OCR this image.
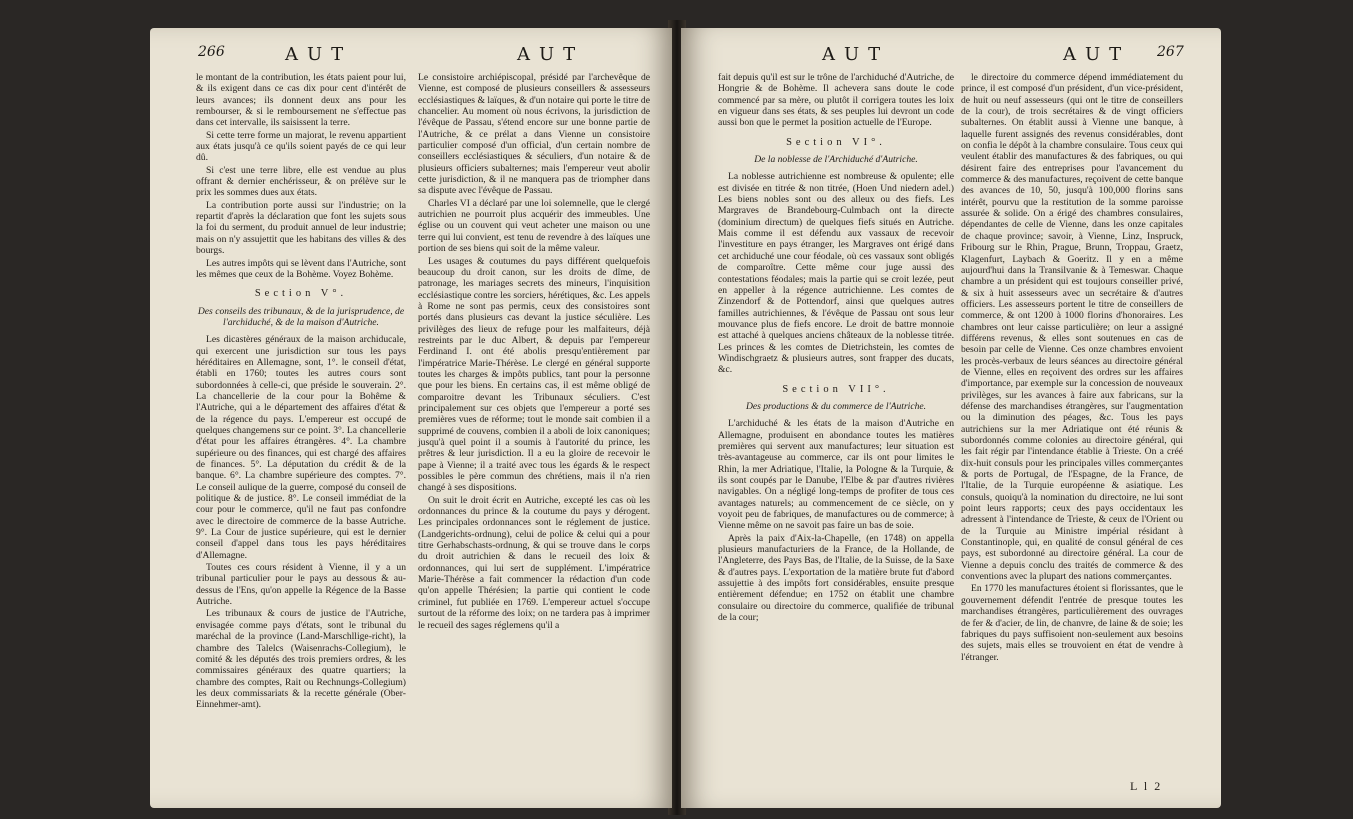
266	AUT	AUT	AUT	AUT 267

le montant de la contribution, les états paient pour lui, & ils exigent dans ce cas dix pour cent d'intérêt de leurs avances; ils donnent deux ans pour les rembourser, & si le remboursement ne s'effectue pas dans cet intervalle, ils saisissent la terre.

Si cette terre forme un majorat, le revenu appartient aux états jusqu'à ce qu'ils soient payés de ce qui leur dû.

Si c'est une terre libre, elle est vendue au plus offrant & dernier enchérisseur, & on prélève sur le prix les sommes dues aux états.

La contribution porte aussi sur l'industrie; on la repartit d'après la déclaration que font les sujets sous la foi du serment, du produit annuel de leur industrie; mais on n'y assujettit que les habitans des villes & des bourgs.

Les autres impôts qui se lèvent dans l'Autriche, sont les mêmes que ceux de la Bohème. Voyez Bohème.

Section V°.
Des conseils des tribunaux, & de la jurisprudence, de l'archiduché, & de la maison d'Autriche.

Les dicastères généraux de la maison archiducale, qui exercent une jurisdiction sur tous les pays héréditaires en Allemagne, sont, 1°. le conseil d'état, établi en 1760; toutes les autres cours sont subordonnées à celle-ci, que préside le souverain. 2°. La chancellerie de la cour pour la Bohême & l'Autriche, qui a le département des affaires d'état & de la régence du pays. L'empereur est occupé de quelques changemens sur ce point. 3°. La chancellerie d'état pour les affaires étrangères. 4°. La chambre supérieure ou des finances, qui est chargé des affaires de finances. 5°. La députation du crédit & de la banque. 6°. La chambre supérieure des comptes. 7°. Le conseil aulique de la guerre, composé du conseil de politique & de justice. 8°. Le conseil immédiat de la cour pour le commerce, qu'il ne faut pas confondre avec le directoire de commerce de la basse Autriche. 9°. La Cour de justice supérieure, qui est le dernier conseil d'appel dans tous les pays héréditaires d'Allemagne.

Toutes ces cours résident à Vienne, il y a un tribunal particulier pour le pays au dessous & au-dessus de l'Ens, qu'on appelle la Régence de la Basse Autriche.

Les tribunaux & cours de justice de l'Autriche, envisagée comme pays d'états, sont le tribunal du maréchal de la province (Land-Marschllige-richt), la chambre des Talelcs (Waisenrachs-Collegium), le comité & les députés des trois premiers ordres, & les commissaires généraux des quatre quartiers; la chambre des comptes, Rait ou Rechnungs-Collegium) les deux commissariats & la recette générale (Ober-Einnehmer-amt).

Le consistoire archiépiscopal, présidé par l'archevêque de Vienne, est composé de plusieurs conseillers & assesseurs ecclésiastiques & laïques, & d'un notaire qui porte le titre de chancelier. Au moment où nous écrivons, la jurisdiction de l'évêque de Passau, s'étend encore sur une bonne partie de l'Autriche, & ce prélat a dans Vienne un consistoire particulier composé d'un official, d'un certain nombre de conseillers ecclésiastiques & séculiers, d'un notaire & de plusieurs officiers subalternes; mais l'empereur veut abolir cette jurisdiction, & il ne manquera pas de triompher dans sa dispute avec l'évêque de Passau.

Charles VI a déclaré par une loi solemnelle, que le clergé autrichien ne pourroit plus acquérir des immeubles. Une église ou un couvent qui veut acheter une maison ou une terre qui lui convient, est tenu de revendre à des laïques une portion de ses biens qui soit de la même valeur.

Les usages & coutumes du pays différent quelquefois beaucoup du droit canon, sur les droits de dîme, de patronage, les mariages secrets des mineurs, l'inquisition ecclésiastique contre les sorciers, hérétiques, &c. Les appels à Rome ne sont pas permis, ceux des consistoires sont portés dans plusieurs cas devant la justice séculière. Les privilèges des lieux de refuge pour les malfaiteurs, déjà restreints par le duc Albert, & depuis par l'empereur Ferdinand I. ont été abolis presqu'entièrement par l'impératrice Marie-Thérèse. Le clergé en général supporte toutes les charges & impôts publics, tant pour la personne que pour les biens. En certains cas, il est même obligé de comparoitre devant les Tribunaux séculiers. C'est principalement sur ces objets que l'empereur a porté ses premières vues de réforme; tout le monde sait combien il a supprimé de couvens, combien il a aboli de loix canoniques; jusqu'à quel point il a soumis à l'autorité du prince, les prêtres & leur jurisdiction. Il a eu la gloire de recevoir le pape à Vienne; il a traité avec tous les égards & le respect possibles le père commun des chrétiens, mais il n'a rien changé à ses dispositions.

On suit le droit écrit en Autriche, excepté les cas où les ordonnances du prince & la coutume du pays y dérogent. Les principales ordonnances sont le réglement de justice. (Landgerichts-ordnung), celui de police & celui qui a pour titre Gerhabschasts-ordnung, & qui se trouve dans le corps du droit autrichien & dans le recueil des loix & ordonnances, qui lui sert de supplément. L'impératrice Marie-Thérèse a fait commencer la rédaction d'un code qu'on appelle Thérésien; la partie qui contient le code criminel, fut publiée en 1769. L'empereur actuel s'occupe surtout de la réforme des loix; on ne tardera pas à imprimer le recueil des sages réglemens qu'il a

fait depuis qu'il est sur le trône de l'archiduché d'Autriche, de Hongrie & de Bohème. Il achevera sans doute le code commencé par sa mère, ou plutôt il corrigera toutes les loix en vigueur dans ses états, & ses peuples lui devront un code aussi bon que le permet la position actuelle de l'Europe.

Section VI°.
De la noblesse de l'Archiduché d'Autriche.

La noblesse autrichienne est nombreuse & opulente; elle est divisée en titrée & non titrée, (Hoen Und niedern adel.) Les biens nobles sont ou des alleux ou des fiefs. Les Margraves de Brandebourg-Culmbach ont la directe (dominium directum) de quelques fiefs situés en Autriche. Mais comme il est défendu aux vassaux de recevoir l'investiture en pays étranger, les Margraves ont érigé dans cet archiduché une cour féodale, où ces vassaux sont obligés de comparoître. Cette même cour juge aussi des contestations féodales; mais la partie qui se croit lezée, peut en appeller à la régence autrichienne. Les comtes de Zinzendorf & de Pottendorf, ainsi que quelques autres familles autrichiennes, & l'évêque de Passau ont sous leur mouvance plus de fiefs encore. Le droit de battre monnoie est attaché à quelques anciens châteaux de la noblesse titrée. Les princes & les comtes de Dietrichstein, les comtes de Windischgraetz & plusieurs autres, sont frapper des ducats, &c.

Section VII°.
Des productions & du commerce de l'Autriche.

L'archiduché & les états de la maison d'Autriche en Allemagne, produisent en abondance toutes les matières premières qui servent aux manufactures; leur situation est très-avantageuse au commerce, car ils ont pour limites le Rhin, la mer Adriatique, l'Italie, la Pologne & la Turquie, & ils sont coupés par le Danube, l'Elbe & par d'autres rivières navigables. On a négligé long-temps de profiter de tous ces avantages naturels; au commencement de ce siècle, on y voyoit peu de fabriques, de manufactures ou de commerce; à Vienne même on ne savoit pas faire un bas de soie.

Après la paix d'Aix-la-Chapelle, (en 1748) on appella plusieurs manufacturiers de la France, de la Hollande, de l'Angleterre, des Pays Bas, de l'Italie, de la Suisse, de la Saxe & d'autres pays. L'exportation de la matière brute fut d'abord assujettie à des impôts fort considérables, ensuite presque entièrement défendue; en 1752 on établit une chambre consulaire ou directoire du commerce, qualifiée de tribunal de la cour;

le directoire du commerce dépend immédiatement du prince, il est composé d'un président, d'un vice-président, de huit ou neuf assesseurs (qui ont le titre de conseillers de la cour), de trois secrétaires & de vingt officiers subalternes. On établit aussi à Vienne une banque, à laquelle furent assignés des revenus considérables, dont on confia le dépôt à la chambre consulaire. Tous ceux qui veulent établir des manufactures & des fabriques, ou qui désirent faire des entreprises pour l'avancement du commerce & des manufactures, reçoivent de cette banque des avances de 10, 50, jusqu'à 100,000 florins sans intérêt, pourvu que la restitution de la somme paroisse assurée & solide. On a érigé des chambres consulaires, dépendantes de celle de Vienne, dans les onze capitales de chaque province; savoir, à Vienne, Linz, Inspruck, Fribourg sur le Rhin, Prague, Brunn, Troppau, Graetz, Klagenfurt, Laybach & Goeritz. Il y en a même aujourd'hui dans la Transilvanie & à Temeswar. Chaque chambre a un président qui est toujours conseiller privé, & six à huit assesseurs avec un secrétaire & d'autres officiers. Les assesseurs portent le titre de conseillers de commerce, & ont 1200 à 1000 florins d'honoraires. Les chambres ont leur caisse particulière; on leur a assigné différens revenus, & elles sont soutenues en cas de besoin par celle de Vienne. Ces onze chambres envoient les procès-verbaux de leurs séances au directoire général de Vienne, elles en reçoivent des ordres sur les affaires d'importance, par exemple sur la concession de nouveaux privilèges, sur les avances à faire aux fabricans, sur la défense des marchandises étrangères, sur l'augmentation ou la diminution des péages, &c. Tous les pays autrichiens sur la mer Adriatique ont été réunis & subordonnés comme colonies au directoire général, qui les fait régir par l'intendance établie à Trieste. On a créé dix-huit consuls pour les principales villes commerçantes & ports de Portugal, de l'Espagne, de la France, de l'Italie, de la Turquie européenne & asiatique. Les consuls, quoiqu'à la nomination du directoire, ne lui sont point leurs rapports; ceux des pays occidentaux les adressent à l'intendance de Trieste, & ceux de l'Orient ou de la Turquie au Ministre impérial résidant à Constantinople, qui, en qualité de consul général de ces pays, est subordonné au directoire général. La cour de Vienne a depuis conclu des traités de commerce & des conventions avec la plupart des nations commerçantes.

En 1770 les manufactures étoient si florissantes, que le gouvernement défendit l'entrée de presque toutes les marchandises étrangères, particulièrement des ouvrages de fer & d'acier, de lin, de chanvre, de laine & de soie; les fabriques du pays suffisoient non-seulement aux besoins des sujets, mais elles se trouvoient en état de vendre à l'étranger.

L l 2
